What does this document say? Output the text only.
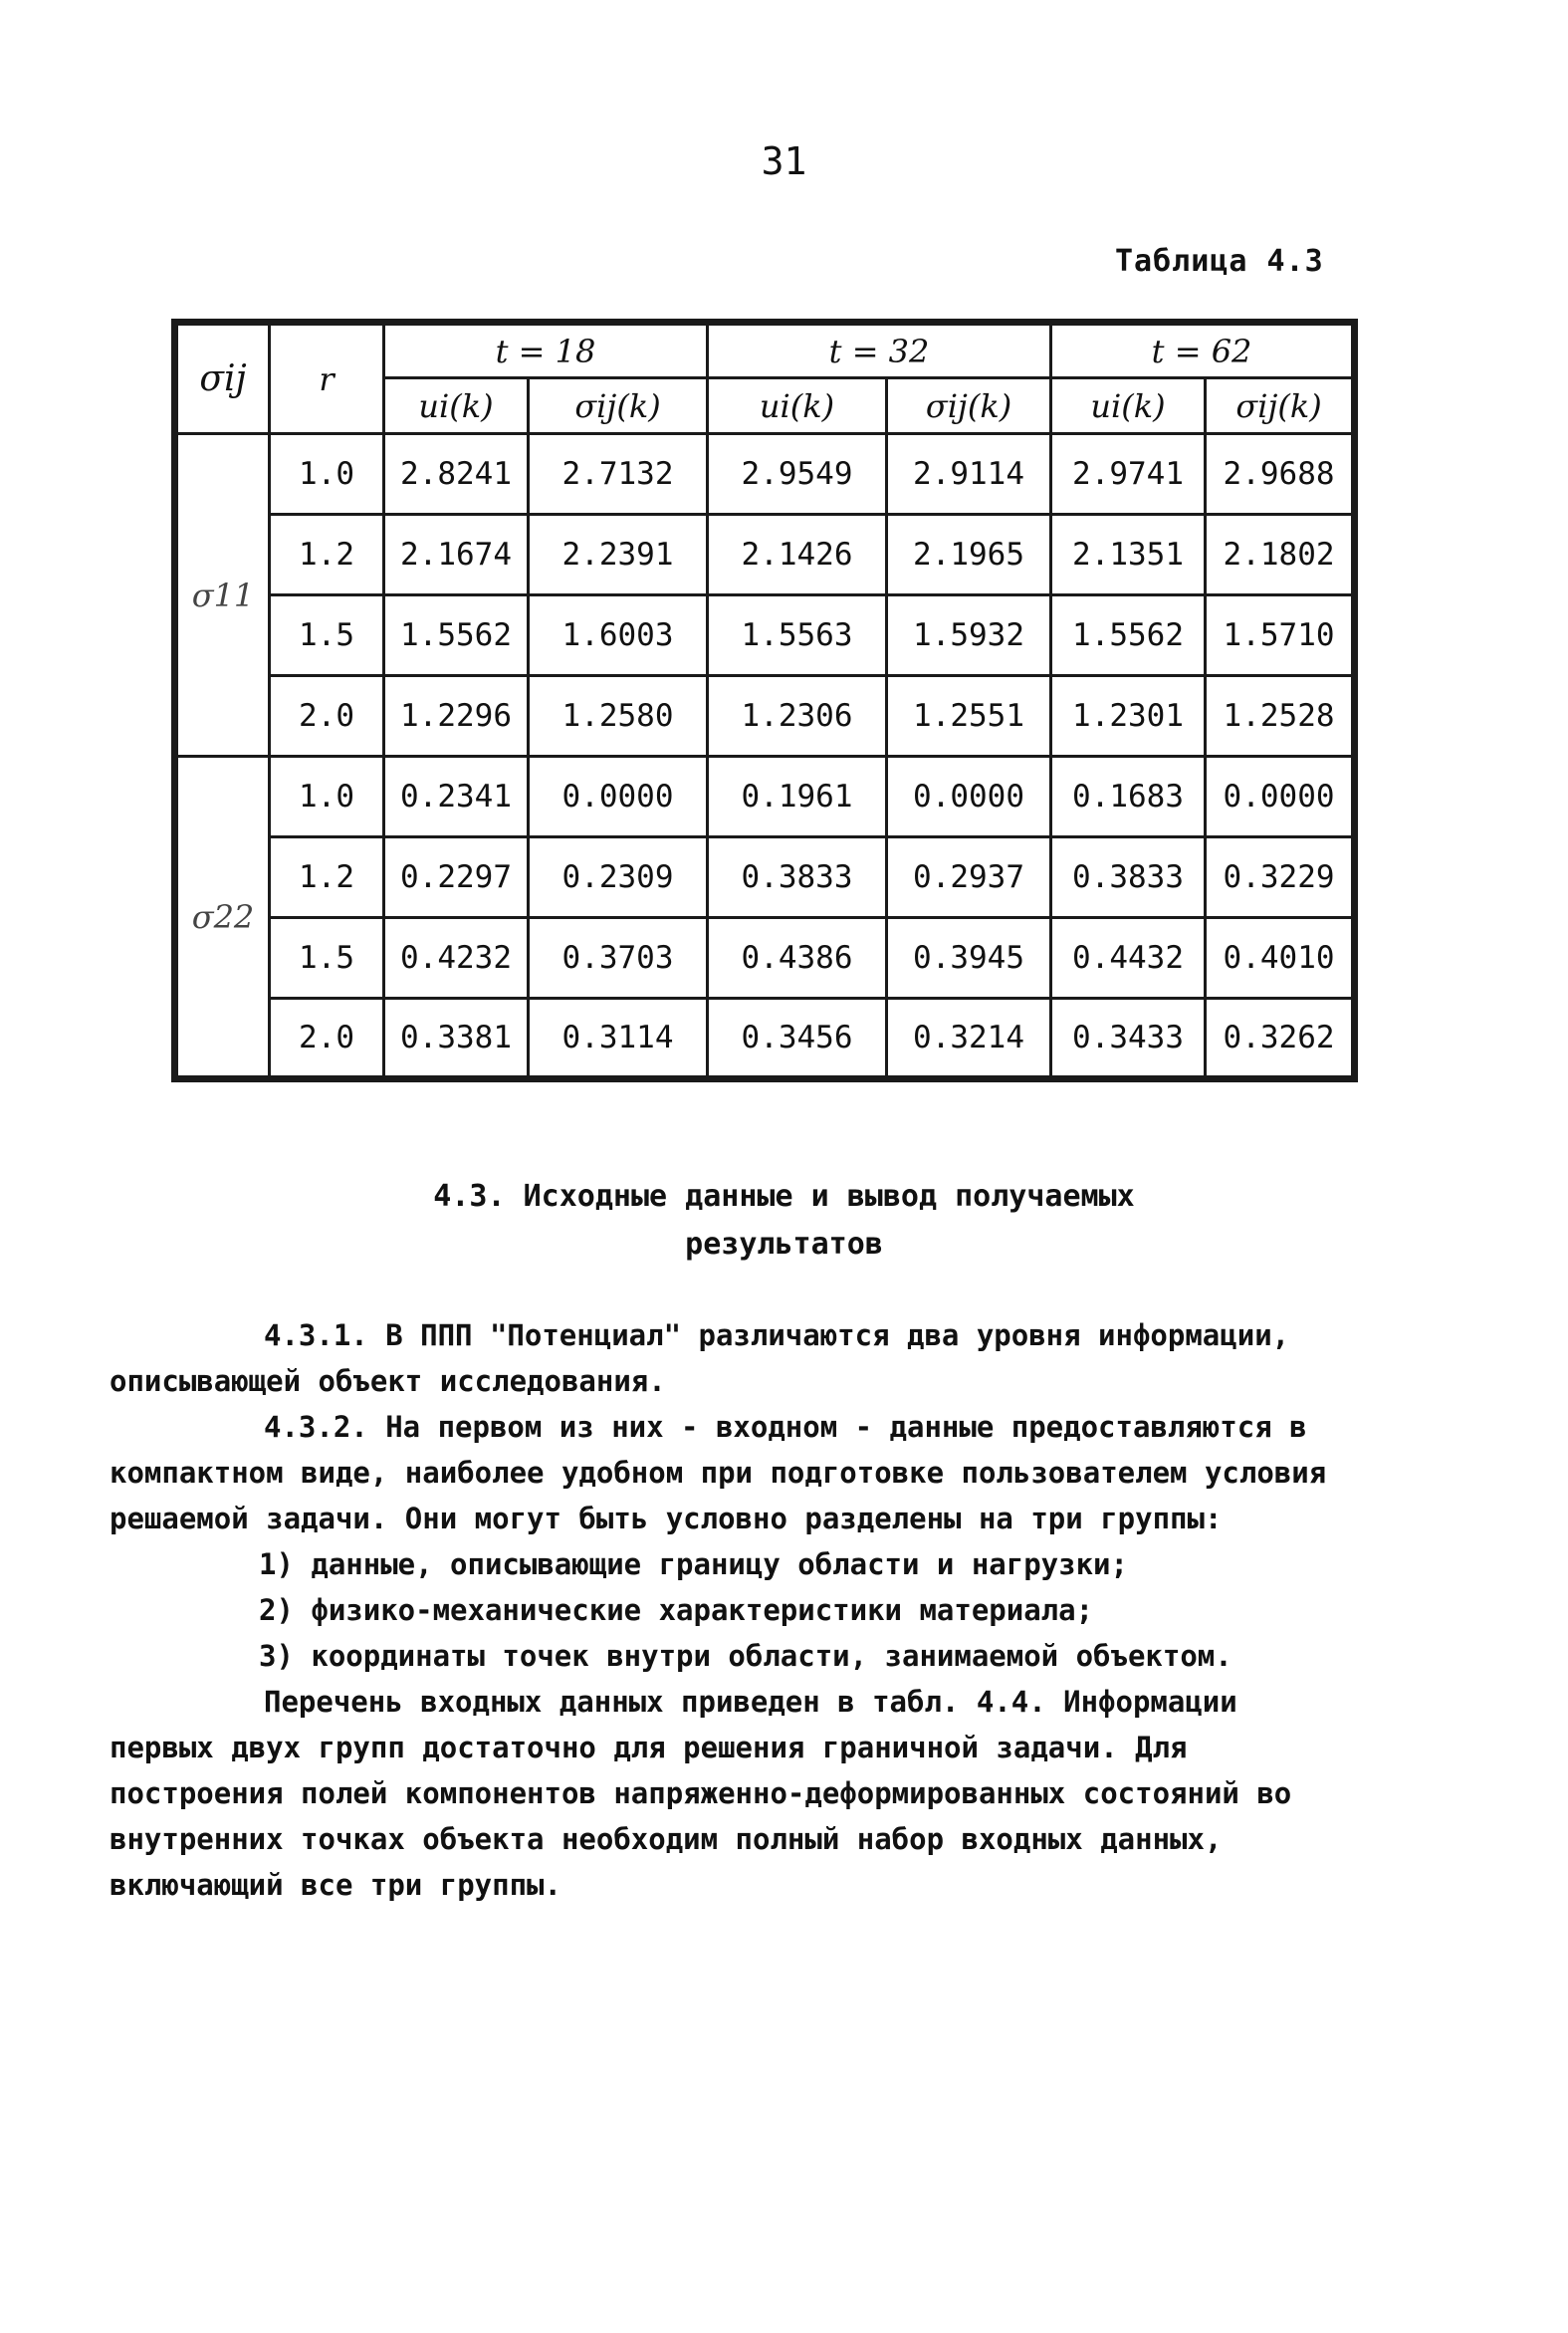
31
Таблица 4.3
σij	r	t = 18		t = 32		t = 62	
		ui(k)	σij(k)	ui(k)	σij(k)	ui(k)	σij(k)
σ11	1.0	2.8241	2.7132	2.9549	2.9114	2.9741	2.9688
	1.2	2.1674	2.2391	2.1426	2.1965	2.1351	2.1802
	1.5	1.5562	1.6003	1.5563	1.5932	1.5562	1.5710
	2.0	1.2296	1.2580	1.2306	1.2551	1.2301	1.2528
σ22	1.0	0.2341	0.0000	0.1961	0.0000	0.1683	0.0000
	1.2	0.2297	0.2309	0.3833	0.2937	0.3833	0.3229
	1.5	0.4232	0.3703	0.4386	0.3945	0.4432	0.4010
	2.0	0.3381	0.3114	0.3456	0.3214	0.3433	0.3262
4.3. Исходные данные и вывод получаемых
результатов

4.3.1. В ППП "Потенциал" различаются два уровня информации, описывающей объект исследования.

4.3.2. На первом из них - входном - данные предоставляются в компактном виде, наиболее удобном при подготовке пользователем условия решаемой задачи. Они могут быть условно разделены на три группы:

1) данные, описывающие границу области и нагрузки;

2) физико-механические характеристики материала;

3) координаты точек внутри области, занимаемой объектом.

Перечень входных данных приведен в табл. 4.4. Информации первых двух групп достаточно для решения граничной задачи. Для построения полей компонентов напряженно-деформированных состояний во внутренних точках объекта необходим полный набор входных данных, включающий все три группы.
